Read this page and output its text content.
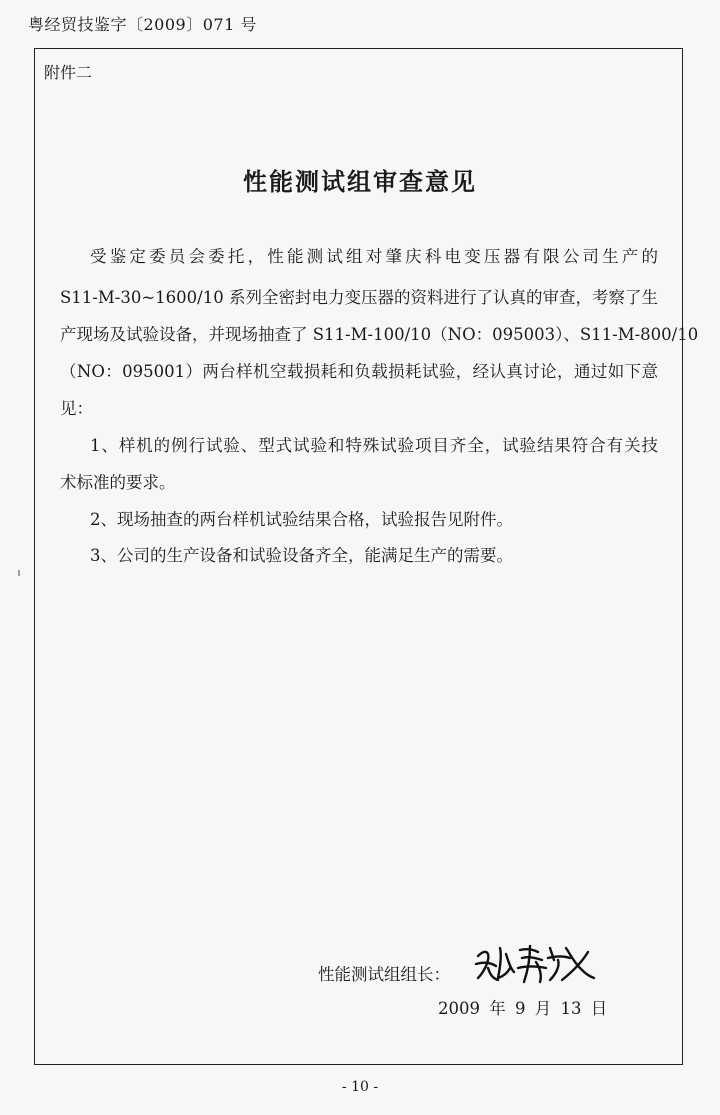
粤经贸技鉴字〔2009〕071 号
附件二
性能测试组审查意见
受鉴定委员会委托，性能测试组对肇庆科电变压器有限公司生产的
S11-M-30~1600/10 系列全密封电力变压器的资料进行了认真的审查，考察了生
产现场及试验设备，并现场抽查了 S11-M-100/10（NO：095003）、S11-M-800/10
（NO：095001）两台样机空载损耗和负载损耗试验，经认真讨论，通过如下意
见：
1、样机的例行试验、型式试验和特殊试验项目齐全，试验结果符合有关技
术标准的要求。
2、现场抽查的两台样机试验结果合格，试验报告见附件。
3、公司的生产设备和试验设备齐全，能满足生产的需要。
性能测试组组长：
2009 年 9 月 13 日
- 10 -
